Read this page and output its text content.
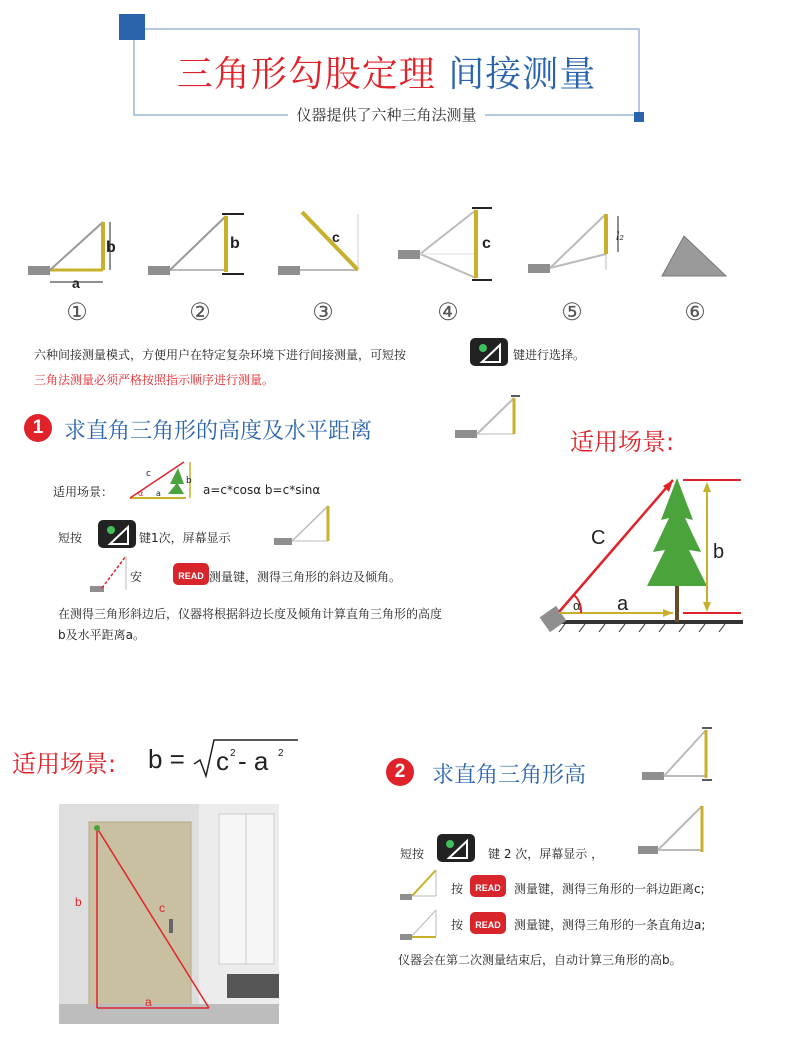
三角形勾股定理 间接测量
仪器提供了六种三角法测量
b
a
b	c	c	l₂
①	②	③	④	⑤	⑥
六种间接测量模式，方便用户在特定复杂环境下进行间接测量，可短按	键进行选择。
三角法测量必须严格按照指示顺序进行测量。
1 求直角三角形的高度及水平距离
适用场景：
c
b
a
α	a=c*cosα b=c*sinα
短按	键1次，屏幕显示
安	READ 测量键，测得三角形的斜边及倾角。
在测得三角形斜边后，仪器将根据斜边长度及倾角计算直角三角形的高度b及水平距离a。
适用场景:
C
b
a
α
适用场景: b = c 2 - a 2
b	c
a
2	求直角三角形高
短按	键 2 次，屏幕显示 ，
按	READ	测量键，测得三角形的一斜边距离c;
按	READ	测量键，测得三角形的一条直角边a;
仪器会在第二次测量结束后，自动计算三角形的高b。
